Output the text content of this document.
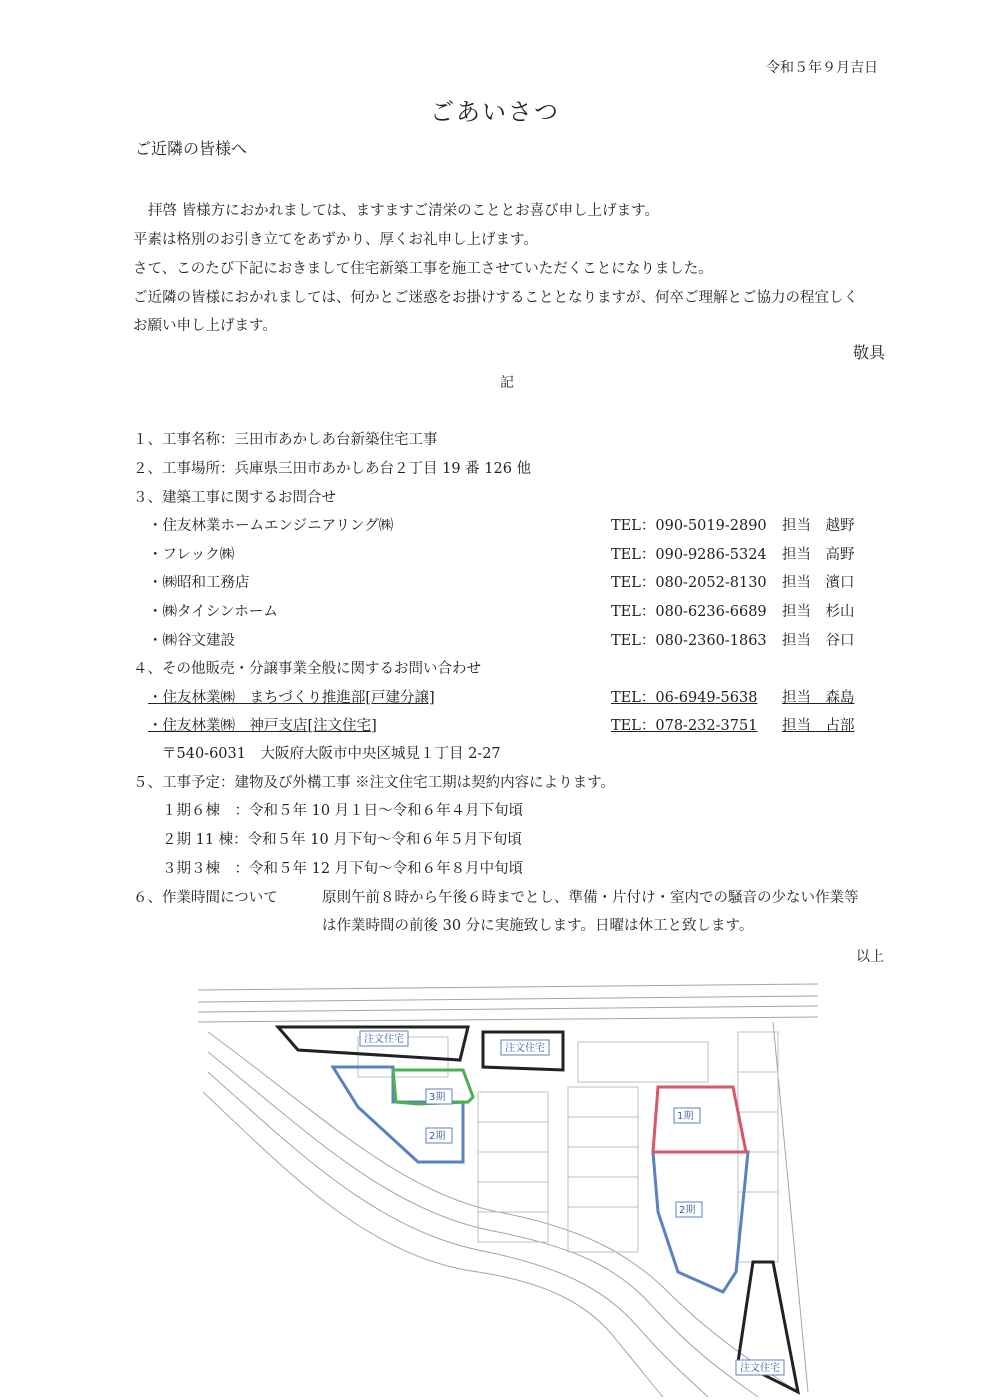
令和５年９月吉日
ごあいさつ
ご近隣の皆様へ
拝啓 皆様方におかれましては、ますますご清栄のこととお喜び申し上げます。
平素は格別のお引き立てをあずかり、厚くお礼申し上げます。
さて、このたび下記におきまして住宅新築工事を施工させていただくことになりました。
ご近隣の皆様におかれましては、何かとご迷惑をお掛けすることとなりますが、何卒ご理解とご協力の程宜しく
お願い申し上げます。
敬具
記
１、工事名称：三田市あかしあ台新築住宅工事
２、工事場所：兵庫県三田市あかしあ台２丁目 19 番 126 他
３、建築工事に関するお問合せ
・住友林業ホームエンジニアリング㈱	TEL：090-5019-2890 担当　越野
・フレック㈱	TEL：090-9286-5324 担当　高野
・㈱昭和工務店	TEL：080-2052-8130 担当　濱口
・㈱タイシンホーム	TEL：080-6236-6689 担当　杉山
・㈱谷文建設	TEL：080-2360-1863 担当　谷口
４、その他販売・分譲事業全般に関するお問い合わせ
・住友林業㈱　まちづくり推進部[戸建分譲]	TEL：06-6949-5638 担当　森島
・住友林業㈱　神戸支店[注文住宅]	TEL：078-232-3751 担当　占部
〒540-6031　大阪府大阪市中央区城見１丁目 2-27
５、工事予定：建物及び外構工事 ※注文住宅工期は契約内容によります。
１期６棟　：令和５年 10 月１日～令和６年４月下旬頃
２期 11 棟：令和５年 10 月下旬～令和６年５月下旬頃
３期３棟　：令和５年 12 月下旬～令和６年８月中旬頃
６、作業時間について	原則午前８時から午後６時までとし、準備・片付け・室内での騒音の少ない作業等
は作業時間の前後 30 分に実施致します。日曜は休工と致します。
以上
注文住宅
注文住宅
注文住宅
3期
2期
1期
2期
